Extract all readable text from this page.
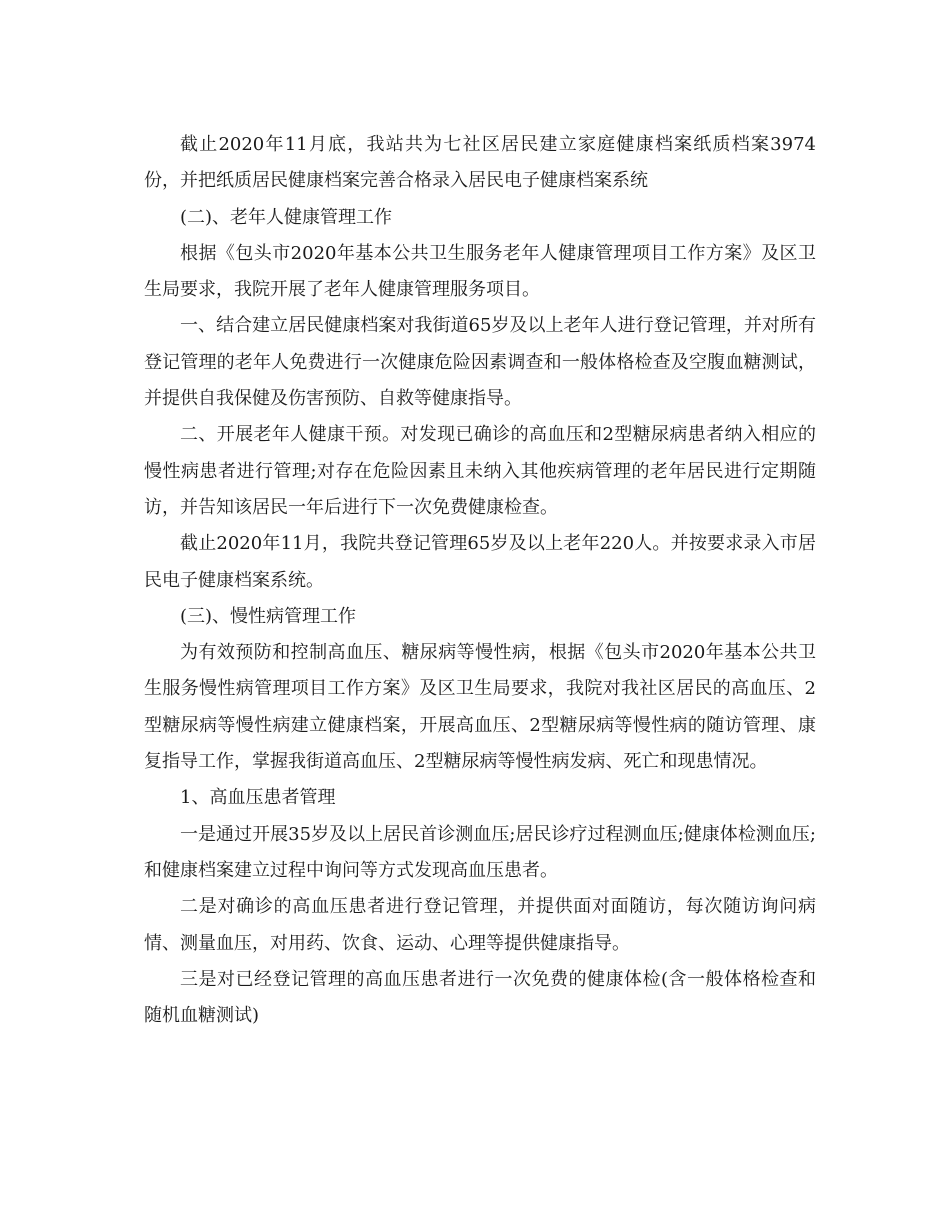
截止2020年11月底，我站共为七社区居民建立家庭健康档案纸质档案3974份，并把纸质居民健康档案完善合格录入居民电子健康档案系统

(二)、老年人健康管理工作

根据《包头市2020年基本公共卫生服务老年人健康管理项目工作方案》及区卫生局要求，我院开展了老年人健康管理服务项目。

一、结合建立居民健康档案对我街道65岁及以上老年人进行登记管理，并对所有登记管理的老年人免费进行一次健康危险因素调查和一般体格检查及空腹血糖测试，并提供自我保健及伤害预防、自救等健康指导。

二、开展老年人健康干预。对发现已确诊的高血压和2型糖尿病患者纳入相应的慢性病患者进行管理;对存在危险因素且未纳入其他疾病管理的老年居民进行定期随访，并告知该居民一年后进行下一次免费健康检查。

截止2020年11月，我院共登记管理65岁及以上老年220人。并按要求录入市居民电子健康档案系统。

(三)、慢性病管理工作

为有效预防和控制高血压、糖尿病等慢性病，根据《包头市2020年基本公共卫生服务慢性病管理项目工作方案》及区卫生局要求，我院对我社区居民的高血压、2型糖尿病等慢性病建立健康档案，开展高血压、2型糖尿病等慢性病的随访管理、康复指导工作，掌握我街道高血压、2型糖尿病等慢性病发病、死亡和现患情况。

1、高血压患者管理

一是通过开展35岁及以上居民首诊测血压;居民诊疗过程测血压;健康体检测血压;和健康档案建立过程中询问等方式发现高血压患者。

二是对确诊的高血压患者进行登记管理，并提供面对面随访，每次随访询问病情、测量血压，对用药、饮食、运动、心理等提供健康指导。

三是对已经登记管理的高血压患者进行一次免费的健康体检(含一般体格检查和随机血糖测试)
